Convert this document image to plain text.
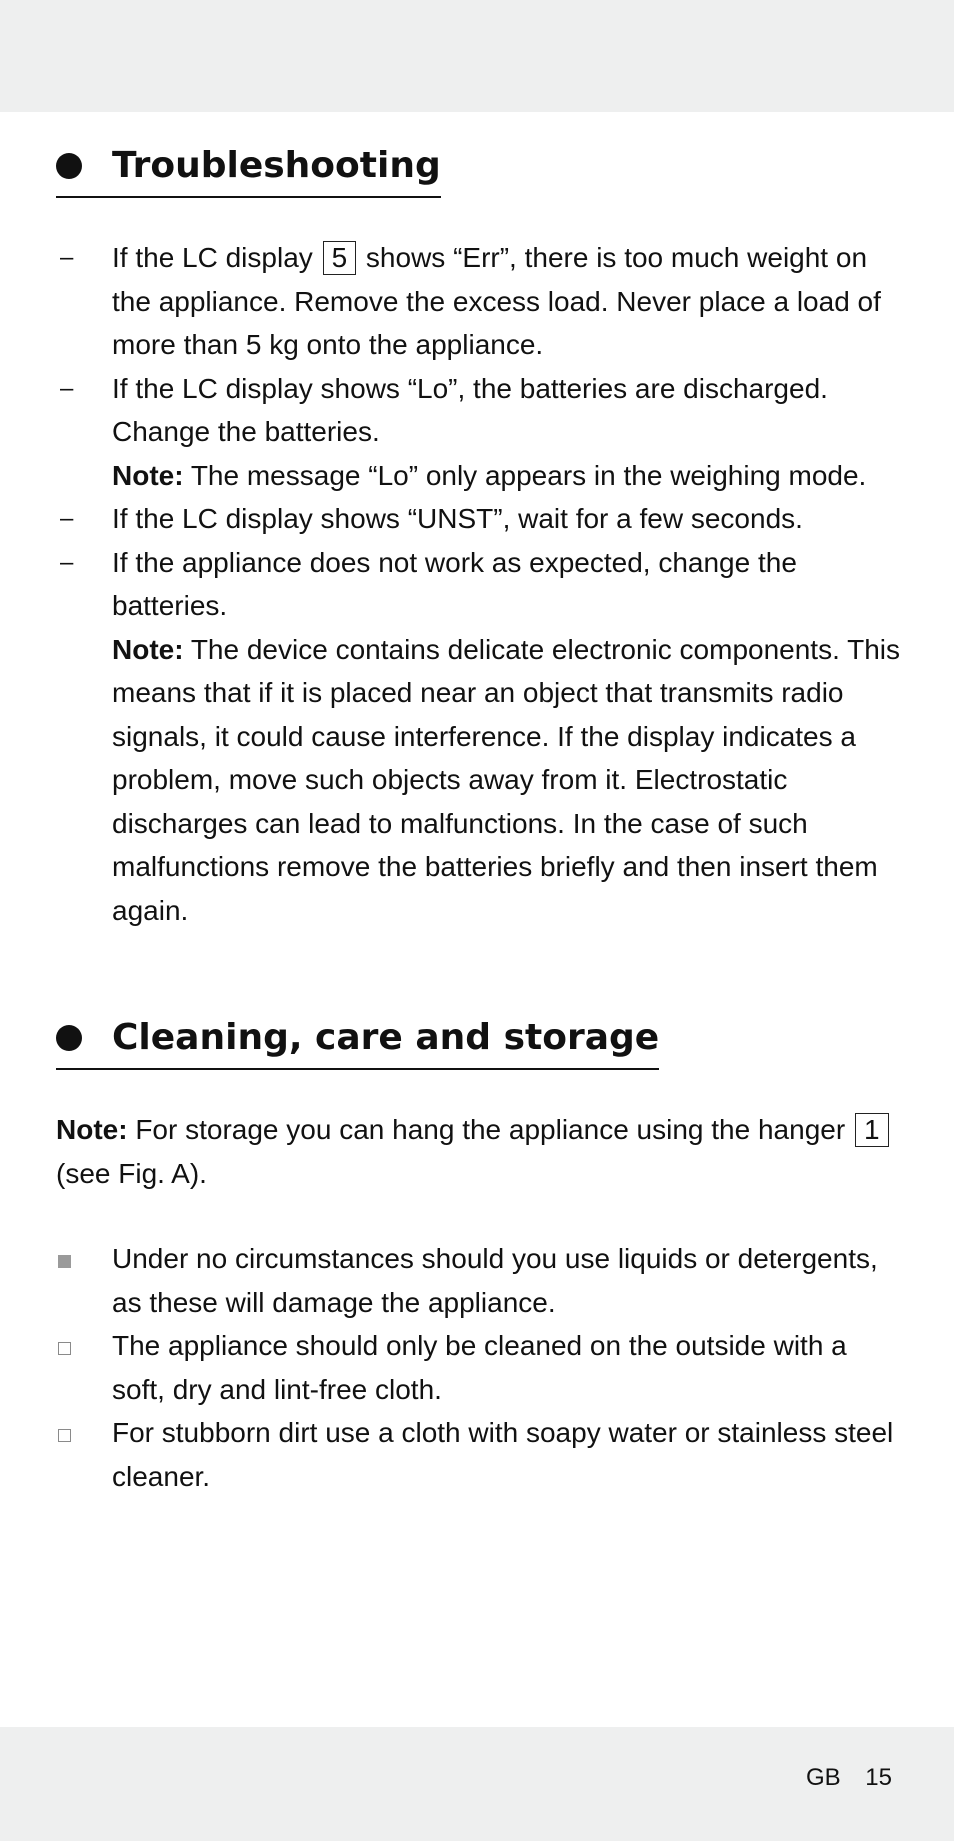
Troubleshooting
–	If the LC display 5 shows “Err”, there is too much weight on the appliance. Remove the excess load. Never place a load of more than 5 kg onto the appliance.
–	If the LC display shows “Lo”, the batteries are discharged. Change the batteries.
Note: The message “Lo” only appears in the weighing mode.
–	If the LC display shows “UNST”, wait for a few seconds.
–	If the appliance does not work as expected, change the batteries.
Note: The device contains delicate electronic components. This means that if it is placed near an object that transmits radio signals, it could cause interference. If the display indicates a problem, move such objects away from it. Electrostatic discharges can lead to malfunctions. In the case of such malfunctions remove the batteries briefly and then insert them again.
Cleaning, care and storage

Note: For storage you can hang the appliance using the hanger 1 (see Fig. A).

Under no circumstances should you use liquids or detergents, as these will damage the appliance.
The appliance should only be cleaned on the outside with a soft, dry and lint-free cloth.
For stubborn dirt use a cloth with soapy water or stainless steel cleaner.
GB 15
